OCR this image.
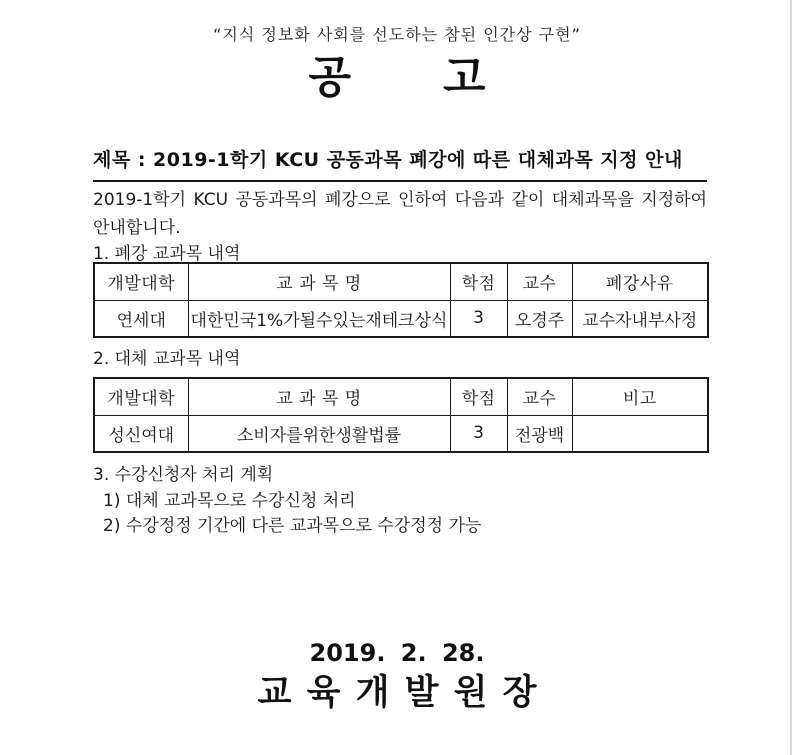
“지식 정보화 사회를 선도하는 참된 인간상 구현”
공      고
제목 : 2019-1학기 KCU 공동과목 폐강에 따른 대체과목 지정 안내
2019-1학기 KCU 공동과목의 폐강으로 인하여 다음과 같이 대체과목을 지정하여
안내합니다.
1. 폐강 교과목 내역
개발대학	교 과 목 명	학점	교수	폐강사유
연세대	대한민국1%가될수있는재테크상식	3	오경주	교수자내부사정
2. 대체 교과목 내역
개발대학	교 과 목 명	학점	교수	비고
성신여대	소비자를위한생활법률	3	전광백	
3. 수강신청자 처리 계획
1) 대체 교과목으로 수강신청 처리
2) 수강정정 기간에 다른 교과목으로 수강정정 가능
2019. 2. 28.
교 육 개 발 원 장
